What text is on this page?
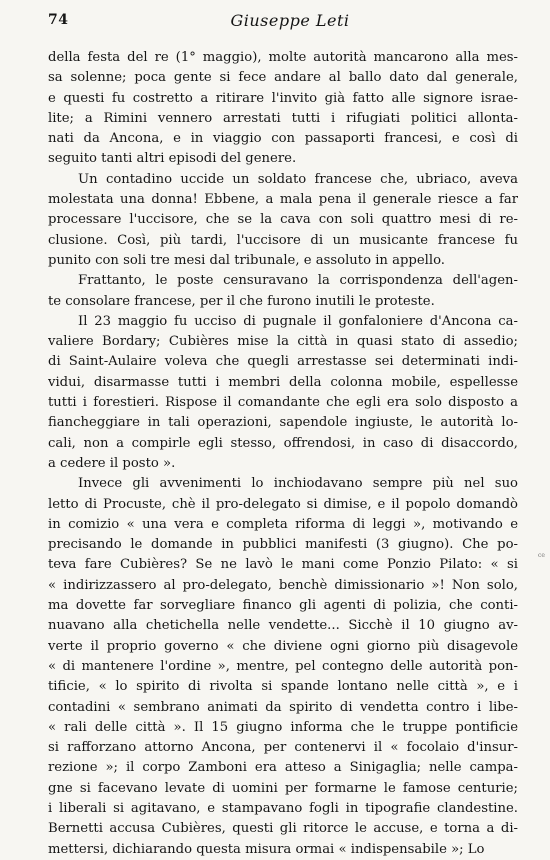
74	Giuseppe Leti
della festa del re (1° maggio), molte autorità mancarono alla mes-
sa solenne; poca gente si fece andare al ballo dato dal generale,
e questi fu costretto a ritirare l'invito già fatto alle signore israe-
lite; a Rimini vennero arrestati tutti i rifugiati politici allonta-
nati da Ancona, e in viaggio con passaporti francesi, e così di
seguito tanti altri episodi del genere.
Un contadino uccide un soldato francese che, ubriaco, aveva
molestata una donna! Ebbene, a mala pena il generale riesce a far
processare l'uccisore, che se la cava con soli quattro mesi di re-
clusione. Così, più tardi, l'uccisore di un musicante francese fu
punito con soli tre mesi dal tribunale, e assoluto in appello.
Frattanto, le poste censuravano la corrispondenza dell'agen-
te consolare francese, per il che furono inutili le proteste.
Il 23 maggio fu ucciso di pugnale il gonfaloniere d'Ancona ca-
valiere Bordary; Cubières mise la città in quasi stato di assedio;
di Saint-Aulaire voleva che quegli arrestasse sei determinati indi-
vidui, disarmasse tutti i membri della colonna mobile, espellesse
tutti i forestieri. Rispose il comandante che egli era solo disposto a
fiancheggiare in tali operazioni, sapendole ingiuste, le autorità lo-
cali, non a compirle egli stesso, offrendosi, in caso di disaccordo,
a cedere il posto ».
Invece gli avvenimenti lo inchiodavano sempre più nel suo
letto di Procuste, chè il pro-delegato si dimise, e il popolo domandò
in comizio « una vera e completa riforma di leggi », motivando e
precisando le domande in pubblici manifesti (3 giugno). Che po-
teva fare Cubières? Se ne lavò le mani come Ponzio Pilato: « si
« indirizzassero al pro-delegato, benchè dimissionario »! Non solo,
ma dovette far sorvegliare financo gli agenti di polizia, che conti-
nuavano alla chetichella nelle vendette... Sicchè il 10 giugno av-
verte il proprio governo « che diviene ogni giorno più disagevole
« di mantenere l'ordine », mentre, pel contegno delle autorità pon-
tificie, « lo spirito di rivolta si spande lontano nelle città », e i
contadini « sembrano animati da spirito di vendetta contro i libe-
« rali delle città ». Il 15 giugno informa che le truppe pontificie
si rafforzano attorno Ancona, per contenervi il « focolaio d'insur-
rezione »; il corpo Zamboni era atteso a Sinigaglia; nelle campa-
gne si facevano levate di uomini per formarne le famose centurie;
i liberali si agitavano, e stampavano fogli in tipografie clandestine.
Bernetti accusa Cubières, questi gli ritorce le accuse, e torna a di-
mettersi, dichiarando questa misura ormai « indispensabile »; Lo
ce
